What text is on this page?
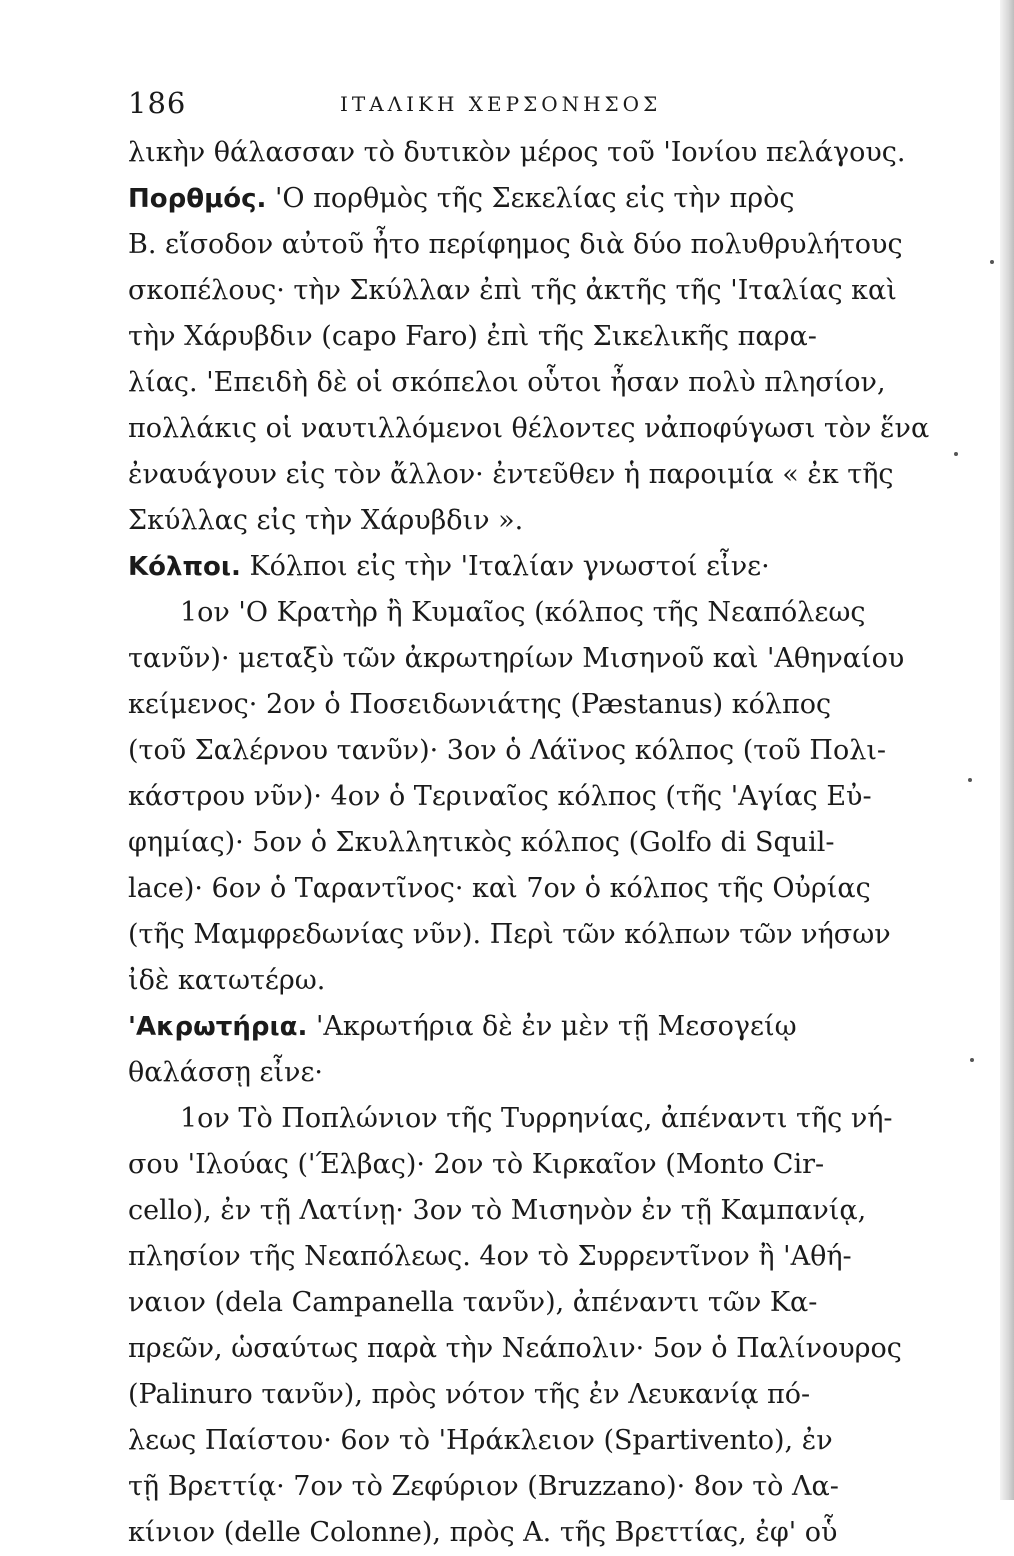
186	ΙΤΑΛΙΚΗ ΧΕΡΣΟΝΗΣΟΣ
λικὴν θάλασσαν τὸ δυτικὸν μέρος τοῦ 'Ιονίου πελάγους.
Πορθμός. 'Ο πορθμὸς τῆς Σεκελίας εἰς τὴν πρὸς
Β. εἴσοδον αὐτοῦ ἦτο περίφημος διὰ δύο πολυθρυλήτους
σκοπέλους· τὴν Σκύλλαν ἐπὶ τῆς ἀκτῆς τῆς 'Ιταλίας καὶ
τὴν Χάρυβδιν (capo Faro) ἐπὶ τῆς Σικελικῆς παρα-
λίας. 'Επειδὴ δὲ οἱ σκόπελοι οὗτοι ἦσαν πολὺ πλησίον,
πολλάκις οἱ ναυτιλλόμενοι θέλοντες νἀποφύγωσι τὸν ἕνα
ἐναυάγουν εἰς τὸν ἄλλον· ἐντεῦθεν ἡ παροιμία « ἐκ τῆς
Σκύλλας εἰς τὴν Χάρυβδιν ».
Κόλποι. Κόλποι εἰς τὴν 'Ιταλίαν γνωστοί εἶνε·
1ον 'Ο Κρατὴρ ἢ Κυμαῖος (κόλπος τῆς Νεαπόλεως
τανῦν)· μεταξὺ τῶν ἀκρωτηρίων Μισηνοῦ καὶ 'Αθηναίου
κείμενος· 2ον ὁ Ποσειδωνιάτης (Pæstanus) κόλπος
(τοῦ Σαλέρνου τανῦν)· 3ον ὁ Λάϊνος κόλπος (τοῦ Πολι-
κάστρου νῦν)· 4ον ὁ Τεριναῖος κόλπος (τῆς 'Αγίας Εὐ-
φημίας)· 5ον ὁ Σκυλλητικὸς κόλπος (Golfo di Squil-
lace)· 6ον ὁ Ταραντῖνος· καὶ 7ον ὁ κόλπος τῆς Οὐρίας
(τῆς Μαμφρεδωνίας νῦν). Περὶ τῶν κόλπων τῶν νήσων
ἰδὲ κατωτέρω.
'Ακρωτήρια. 'Ακρωτήρια δὲ ἐν μὲν τῇ Μεσογείῳ
θαλάσσῃ εἶνε·
1ον Τὸ Ποπλώνιον τῆς Τυρρηνίας, ἀπέναντι τῆς νή-
σου 'Ιλούας ('Έλβας)· 2ον τὸ Κιρκαῖον (Monto Cir-
cello), ἐν τῇ Λατίνῃ· 3ον τὸ Μισηνὸν ἐν τῇ Καμπανίᾳ,
πλησίον τῆς Νεαπόλεως. 4ον τὸ Συρρεντῖνον ἢ 'Αθή-
ναιον (dela Campanella τανῦν), ἀπέναντι τῶν Κα-
πρεῶν, ὡσαύτως παρὰ τὴν Νεάπολιν· 5ον ὁ Παλίνουρος
(Palinuro τανῦν), πρὸς νότον τῆς ἐν Λευκανίᾳ πό-
λεως Παίστου· 6ον τὸ 'Ηράκλειον (Spartivento), ἐν
τῇ Βρεττίᾳ· 7ον τὸ Ζεφύριον (Bruzzano)· 8ον τὸ Λα-
κίνιον (delle Colonne), πρὸς Α. τῆς Βρεττίας, ἐφ' οὗ
